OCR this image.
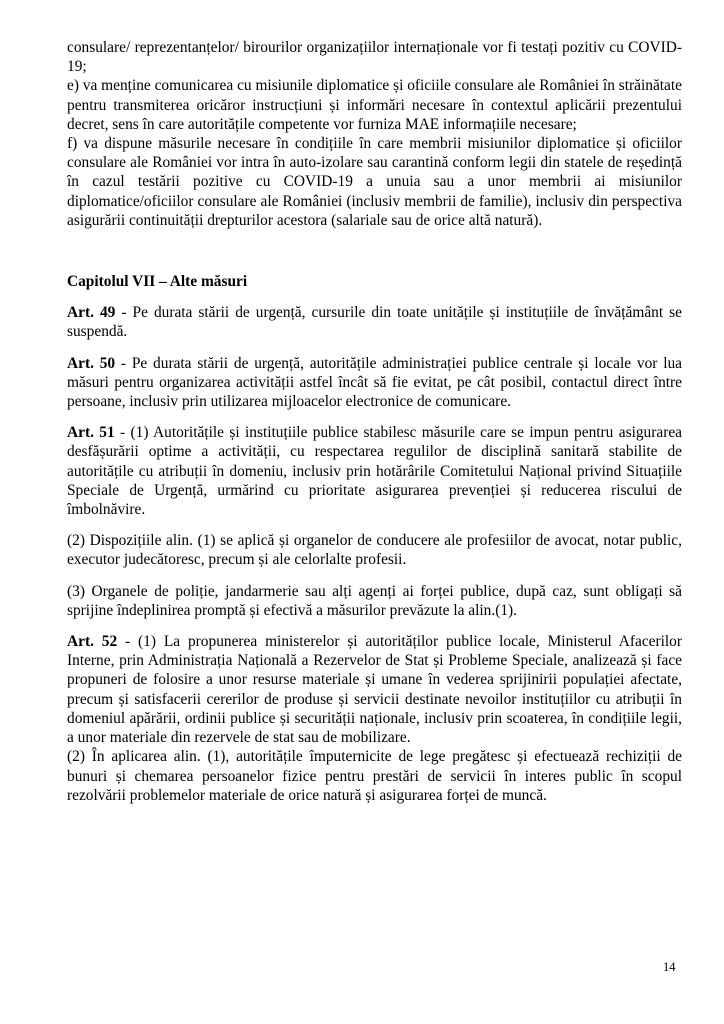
consulare/ reprezentanțelor/ birourilor organizațiilor internaționale vor fi testați pozitiv cu COVID-19;

e) va menține comunicarea cu misiunile diplomatice și oficiile consulare ale României în străinătate pentru transmiterea oricăror instrucțiuni și informări necesare în contextul aplicării prezentului decret, sens în care autoritățile competente vor furniza MAE informațiile necesare;

f) va dispune măsurile necesare în condițiile în care membrii misiunilor diplomatice și oficiilor consulare ale României vor intra în auto-izolare sau carantină conform legii din statele de reședință în cazul testării pozitive cu COVID-19 a unuia sau a unor membrii ai misiunilor diplomatice/oficiilor consulare ale României (inclusiv membrii de familie), inclusiv din perspectiva asigurării continuității drepturilor acestora (salariale sau de orice altă natură).

Capitolul VII – Alte măsuri

Art. 49 - Pe durata stării de urgență, cursurile din toate unitățile și instituțiile de învățământ se suspendă.

Art. 50 - Pe durata stării de urgență, autoritățile administrației publice centrale și locale vor lua măsuri pentru organizarea activității astfel încât să fie evitat, pe cât posibil, contactul direct între persoane, inclusiv prin utilizarea mijloacelor electronice de comunicare.

Art. 51 - (1) Autoritățile și instituțiile publice stabilesc măsurile care se impun pentru asigurarea desfășurării optime a activității, cu respectarea regulilor de disciplină sanitară stabilite de autoritățile cu atribuții în domeniu, inclusiv prin hotărârile Comitetului Național privind Situațiile Speciale de Urgență, urmărind cu prioritate asigurarea prevenției și reducerea riscului de îmbolnăvire.

(2) Dispozițiile alin. (1) se aplică și organelor de conducere ale profesiilor de avocat, notar public, executor judecătoresc, precum și ale celorlalte profesii.

(3) Organele de poliție, jandarmerie sau alți agenți ai forței publice, după caz, sunt obligați să sprijine îndeplinirea promptă și efectivă a măsurilor prevăzute la alin.(1).

Art. 52 - (1) La propunerea ministerelor și autorităților publice locale, Ministerul Afacerilor Interne, prin Administrația Națională a Rezervelor de Stat și Probleme Speciale, analizează și face propuneri de folosire a unor resurse materiale și umane în vederea sprijinirii populației afectate, precum și satisfacerii cererilor de produse și servicii destinate nevoilor instituțiilor cu atribuții în domeniul apărării, ordinii publice și securității naționale, inclusiv prin scoaterea, în condițiile legii, a unor materiale din rezervele de stat sau de mobilizare.

(2) În aplicarea alin. (1), autoritățile împuternicite de lege pregătesc și efectuează rechiziții de bunuri și chemarea persoanelor fizice pentru prestări de servicii în interes public în scopul rezolvării problemelor materiale de orice natură și asigurarea forței de muncă.

14
